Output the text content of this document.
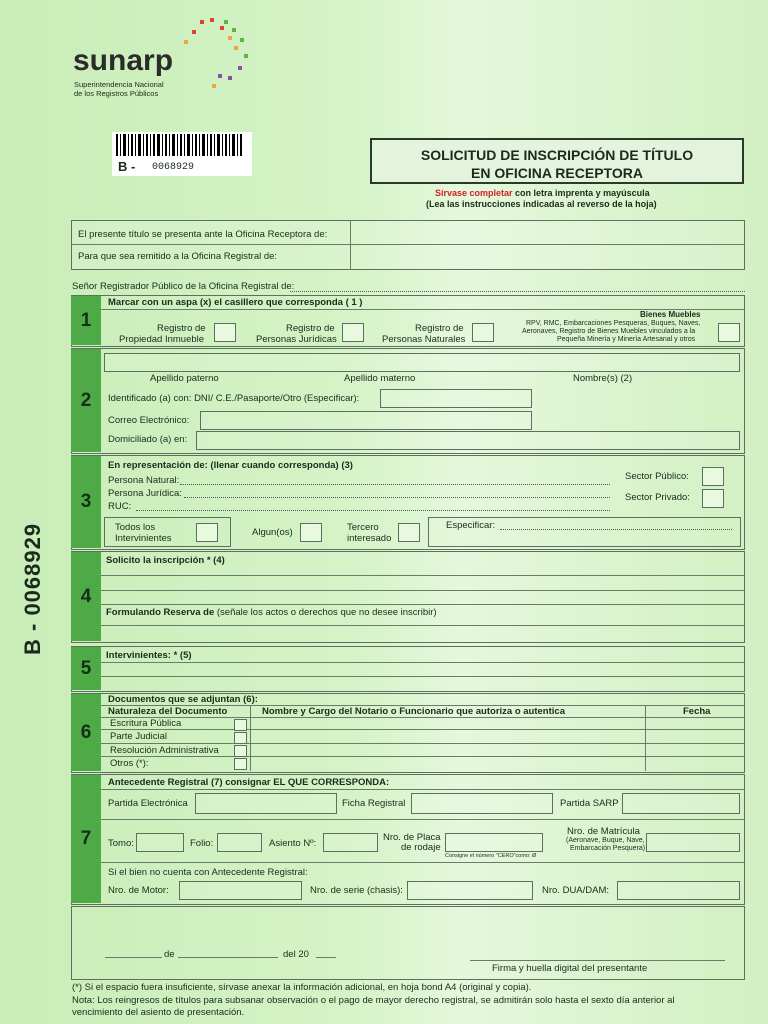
sunarp
Superintendencia Nacional
de los Registros Públicos
B - 0068929
B - 0068929
SOLICITUD DE INSCRIPCIÓN DE TÍTULO
EN OFICINA RECEPTORA
Sírvase completar con letra imprenta y mayúscula
(Lea las instrucciones indicadas al reverso de la hoja)
El presente título se presenta ante la Oficina Receptora de:
Para que sea remitido a la Oficina Registral de:
Señor Registrador Público de la Oficina Registral de:
1
Marcar con un aspa (x) el casillero que corresponda ( 1 )
Registro de
Propiedad Inmueble
Registro de
Personas Jurídicas
Registro de
Personas Naturales
Bienes Muebles
RPV, RMC, Embarcaciones Pesqueras, Buques, Naves,
Aeronaves, Registro de Bienes Muebles vinculados a la
Pequeña Minería y Minería Artesanal y otros
2
Apellido paterno	Apellido materno	Nombre(s) (2)
Identificado (a) con: DNI/ C.E./Pasaporte/Otro (Especificar):
Correo Electrónico:
Domiciliado (a) en:
3
En representación de: (llenar cuando corresponda) (3)
Persona Natural:
Persona Jurídica:
RUC:
Sector Público:
Sector Privado:
Todos los
Intervinientes
Algun(os)	Tercero
interesado
Especificar:
4
Solicito la inscripción * (4)
Formulando Reserva de (señale los actos o derechos que no desee inscribir)
5
Intervinientes: * (5)
6
Documentos que se adjuntan (6):
Naturaleza del Documento	Nombre y Cargo del Notario o Funcionario que autoriza o autentica	Fecha
Escritura Pública
Parte Judicial
Resolución Administrativa
Otros (*):
7
Antecedente Registral (7) consignar EL QUE CORRESPONDA:
Partida Electrónica	Ficha Registral	Partida SARP
Tomo:	Folio:	Asiento Nº:
Nro. de Placa
de rodaje
Consigne el número "CERO"como: Ø
Nro. de Matrícula
(Aeronave, Buque, Nave,
Embarcación Pesquera)
Si el bien no cuenta con Antecedente Registral:
Nro. de Motor:	Nro. de serie (chasis):	Nro. DUA/DAM:
de	del 20
Firma y huella digital del presentante
(*) Si el espacio fuera insuficiente, sírvase anexar la información adicional, en hoja bond A4 (original y copia).
Nota: Los reingresos de títulos para subsanar observación o el pago de mayor derecho registral, se admitirán solo hasta el sexto día anterior al
vencimiento del asiento de presentación.
